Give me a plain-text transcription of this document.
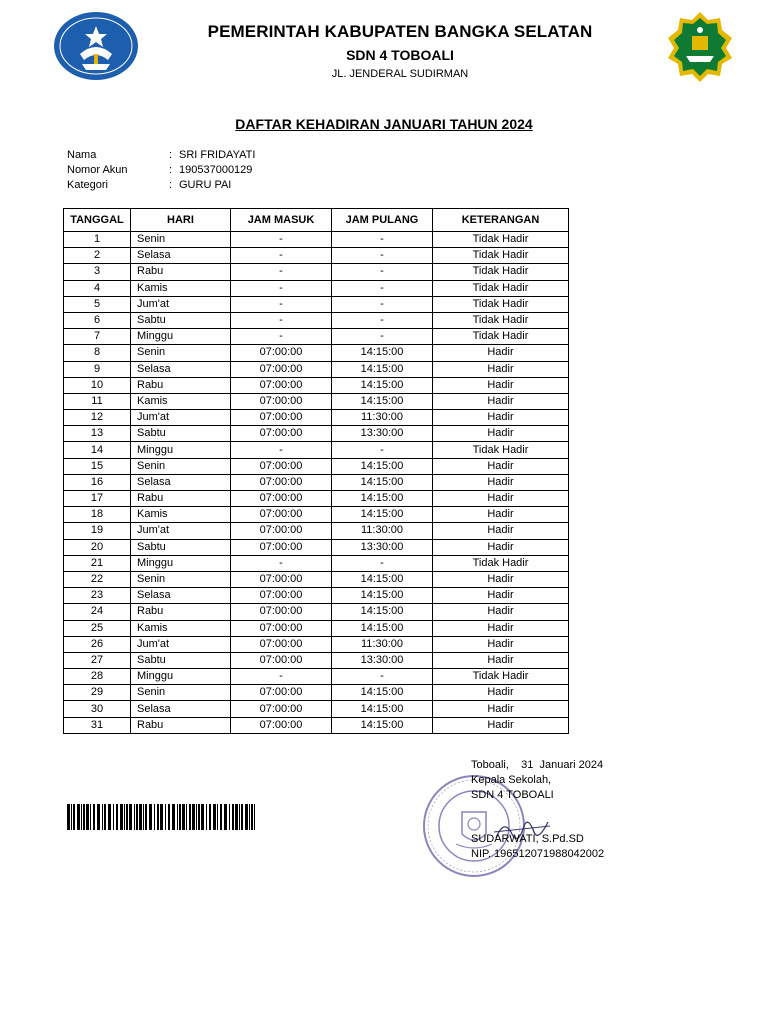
PEMERINTAH KABUPATEN BANGKA SELATAN
SDN 4 TOBOALI
JL. JENDERAL SUDIRMAN
DAFTAR KEHADIRAN JANUARI TAHUN 2024
Nama	: SRI FRIDAYATI
Nomor Akun	: 190537000129
Kategori	: GURU PAI
TANGGAL	HARI	JAM MASUK	JAM PULANG	KETERANGAN
1	Senin	-	-	Tidak Hadir
2	Selasa	-	-	Tidak Hadir
3	Rabu	-	-	Tidak Hadir
4	Kamis	-	-	Tidak Hadir
5	Jum'at	-	-	Tidak Hadir
6	Sabtu	-	-	Tidak Hadir
7	Minggu	-	-	Tidak Hadir
8	Senin	07:00:00	14:15:00	Hadir
9	Selasa	07:00:00	14:15:00	Hadir
10	Rabu	07:00:00	14:15:00	Hadir
11	Kamis	07:00:00	14:15:00	Hadir
12	Jum'at	07:00:00	11:30:00	Hadir
13	Sabtu	07:00:00	13:30:00	Hadir
14	Minggu	-	-	Tidak Hadir
15	Senin	07:00:00	14:15:00	Hadir
16	Selasa	07:00:00	14:15:00	Hadir
17	Rabu	07:00:00	14:15:00	Hadir
18	Kamis	07:00:00	14:15:00	Hadir
19	Jum'at	07:00:00	11:30:00	Hadir
20	Sabtu	07:00:00	13:30:00	Hadir
21	Minggu	-	-	Tidak Hadir
22	Senin	07:00:00	14:15:00	Hadir
23	Selasa	07:00:00	14:15:00	Hadir
24	Rabu	07:00:00	14:15:00	Hadir
25	Kamis	07:00:00	14:15:00	Hadir
26	Jum'at	07:00:00	11:30:00	Hadir
27	Sabtu	07:00:00	13:30:00	Hadir
28	Minggu	-	-	Tidak Hadir
29	Senin	07:00:00	14:15:00	Hadir
30	Selasa	07:00:00	14:15:00	Hadir
31	Rabu	07:00:00	14:15:00	Hadir
Toboali,    31  Januari 2024
Kepala Sekolah,
SDN 4 TOBOALI
SUDARWATI, S.Pd.SD
NIP. 196512071988042002
